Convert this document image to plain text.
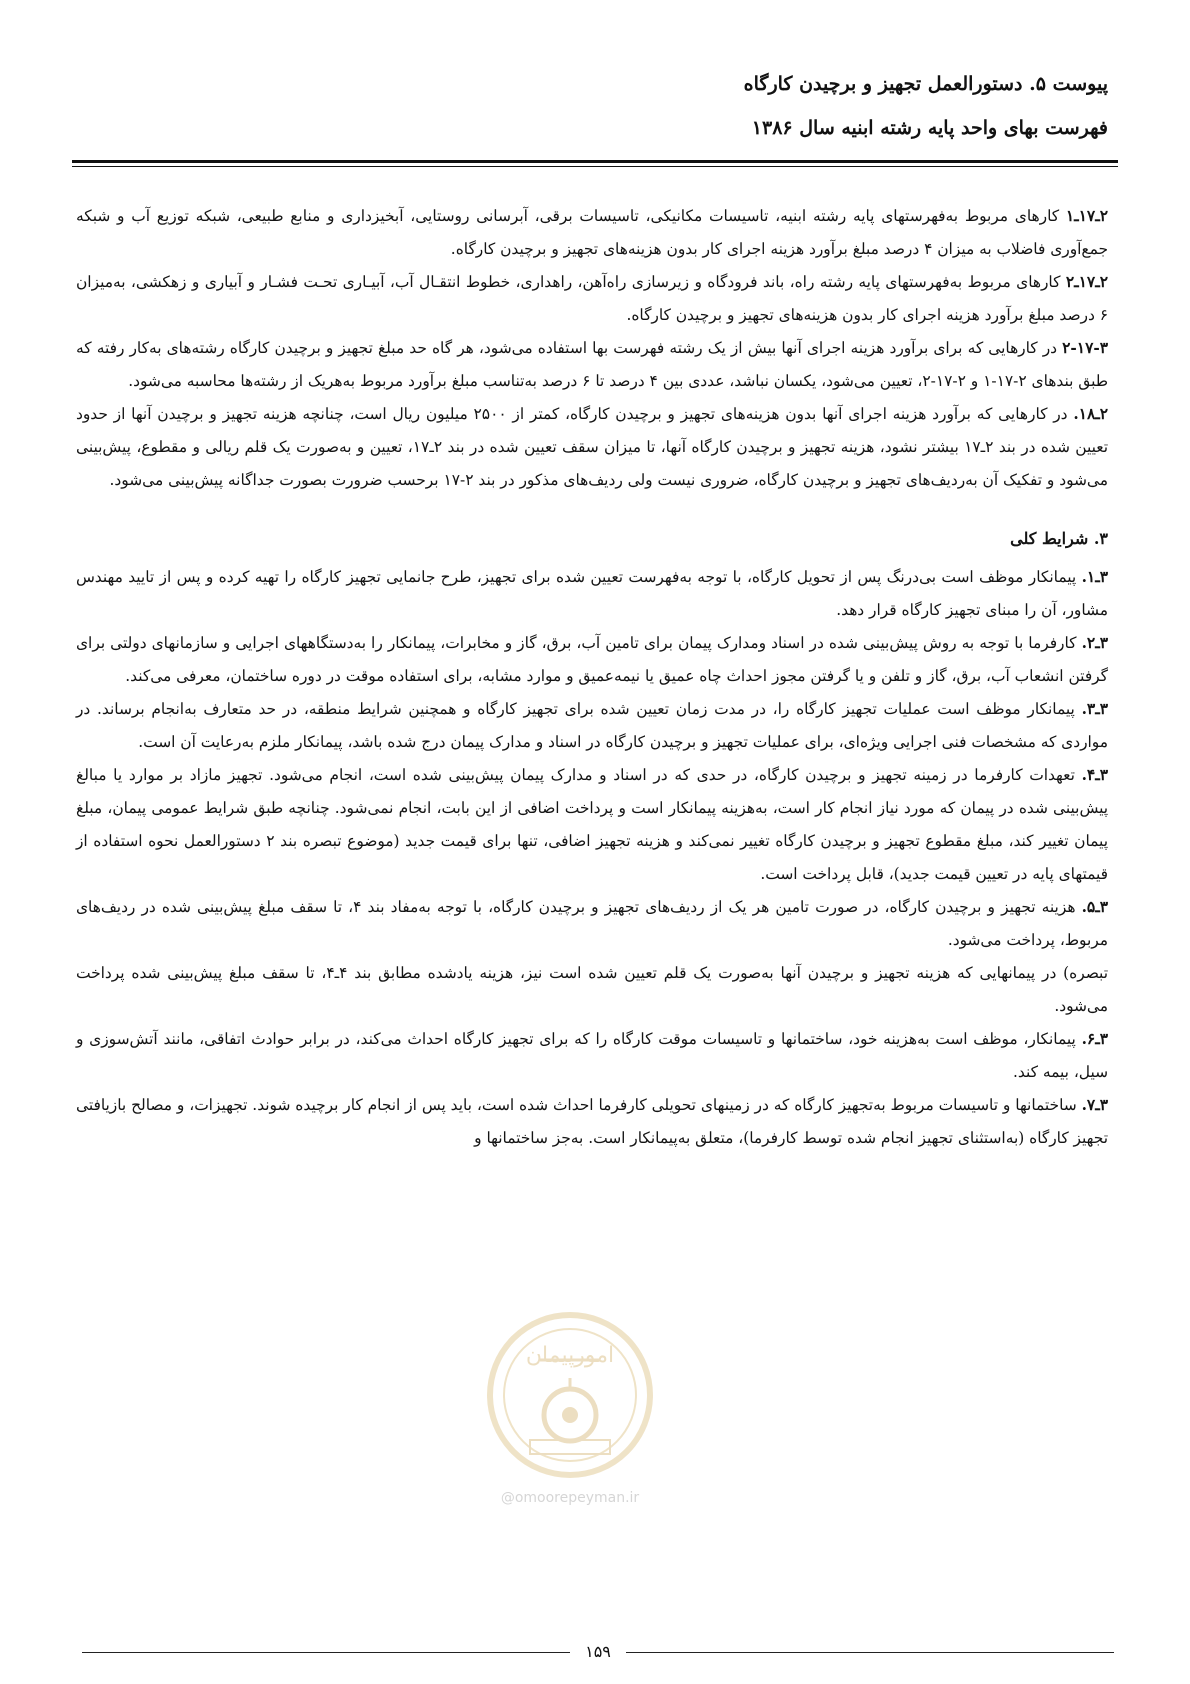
پیوست ۵. دستورالعمل تجهیز و برچیدن کارگاه
فهرست بهای واحد پایه رشته ابنیه سال ۱۳۸۶

۲ـ۱۷ـ۱ کارهای مربوط به‌فهرستهای پایه رشته ابنیه، تاسیسات مکانیکی، تاسیسات برقی، آبرسانی روستایی، آبخیزداری و منابع طبیعی، شبکه توزیع آب و شبکه جمع‌آوری فاضلاب به میزان ۴ درصد مبلغ برآورد هزینه اجرای کار بدون هزینه‌های تجهیز و برچیدن کارگاه.

۲ـ۱۷ـ۲ کارهای مربوط به‌فهرستهای پایه رشته راه، باند فرودگاه و زیرسازی راه‌آهن، راهداری، خطوط انتقـال آب، آبیـاری تحـت فشـار و آبیاری و زهکشی، به‌میزان ۶ درصد مبلغ برآورد هزینه اجرای کار بدون هزینه‌های تجهیز و برچیدن کارگاه.

۲-۱۷-۳ در کارهایی که برای برآورد هزینه اجرای آنها بیش از یک رشته فهرست بها استفاده می‌شود، هر گاه حد مبلغ تجهیز و برچیدن کارگاه رشته‌های به‌کار رفته که طبق بندهای ۲-۱۷-۱ و ۲-۱۷-۲، تعیین می‌شود، یکسان نباشد، عددی بین ۴ درصد تا ۶ درصد به‌تناسب مبلغ برآورد مربوط به‌هریک از رشته‌ها محاسبه می‌شود.

۲ـ۱۸. در کارهایی که برآورد هزینه اجرای آنها بدون هزینه‌های تجهیز و برچیدن کارگاه، کمتر از ۲۵۰۰ میلیون ریال است، چنانچه هزینه تجهیز و برچیدن آنها از حدود تعیین شده در بند ۲ـ۱۷ بیشتر نشود، هزینه تجهیز و برچیدن کارگاه آنها، تا میزان سقف تعیین شده در بند ۲ـ۱۷، تعیین و به‌صورت یک قلم ریالی و مقطوع، پیش‌بینی می‌شود و تفکیک آن به‌ردیف‌های تجهیز و برچیدن کارگاه، ضروری نیست ولی ردیف‌های مذکور در بند ۲-۱۷ برحسب ضرورت بصورت جداگانه پیش‌بینی می‌شود.

۳. شرایط کلی

۳ـ۱. پیمانکار موظف است بی‌درنگ پس از تحویل کارگاه، با توجه به‌فهرست تعیین شده برای تجهیز، طرح جانمایی تجهیز کارگاه را تهیه کرده و پس از تایید مهندس مشاور، آن را مبنای تجهیز کارگاه قرار دهد.

۳ـ۲. کارفرما با توجه به روش پیش‌بینی شده در اسناد ومدارک پیمان برای تامین آب، برق، گاز و مخابرات، پیمانکار را به‌دستگاههای اجرایی و سازمانهای دولتی برای گرفتن انشعاب آب، برق، گاز و تلفن و یا گرفتن مجوز احداث چاه عمیق یا نیمه‌عمیق و موارد مشابه، برای استفاده موقت در دوره ساختمان، معرفی می‌کند.

۳ـ۳. پیمانکار موظف است عملیات تجهیز کارگاه را، در مدت زمان تعیین شده برای تجهیز کارگاه و همچنین شرایط منطقه، در حد متعارف به‌انجام برساند. در مواردی که مشخصات فنی اجرایی ویژه‌ای، برای عملیات تجهیز و برچیدن کارگاه در اسناد و مدارک پیمان درج شده باشد، پیمانکار ملزم به‌رعایت آن است.

۳ـ۴. تعهدات کارفرما در زمینه تجهیز و برچیدن کارگاه، در حدی که در اسناد و مدارک پیمان پیش‌بینی شده است، انجام می‌شود. تجهیز مازاد بر موارد یا مبالغ پیش‌بینی شده در پیمان که مورد نیاز انجام کار است، به‌هزینه پیمانکار است و پرداخت اضافی از این بابت، انجام نمی‌شود. چنانچه طبق شرایط عمومی پیمان، مبلغ پیمان تغییر کند، مبلغ مقطوع تجهیز و برچیدن کارگاه تغییر نمی‌کند و هزینه تجهیز اضافی، تنها برای قیمت جدید (موضوع تبصره بند ۲ دستورالعمل نحوه استفاده از قیمتهای پایه در تعیین قیمت جدید)، قابل پرداخت است.

۳ـ۵. هزینه تجهیز و برچیدن کارگاه، در صورت تامین هر یک از ردیف‌های تجهیز و برچیدن کارگاه، با توجه به‌مفاد بند ۴، تا سقف مبلغ پیش‌بینی شده در ردیف‌های مربوط، پرداخت می‌شود.

تبصره) در پیمانهایی که هزینه تجهیز و برچیدن آنها به‌صورت یک قلم تعیین شده است نیز، هزینه یادشده مطابق بند ۴ـ۴، تا سقف مبلغ پیش‌بینی شده پرداخت می‌شود.

۳ـ۶. پیمانکار، موظف است به‌هزینه خود، ساختمانها و تاسیسات موقت کارگاه را که برای تجهیز کارگاه احداث می‌کند، در برابر حوادث اتفاقی، مانند آتش‌سوزی و سیل، بیمه کند.

۳ـ۷. ساختمانها و تاسیسات مربوط به‌تجهیز کارگاه که در زمینهای تحویلی کارفرما احداث شده است، باید پس از انجام کار برچیده شوند. تجهیزات، و مصالح بازیافتی تجهیز کارگاه (به‌استثنای تجهیز انجام شده توسط کارفرما)، متعلق به‌پیمانکار است. به‌جز ساختمانها و

امورپیمان
@omoorepeyman.ir
۱۵۹
